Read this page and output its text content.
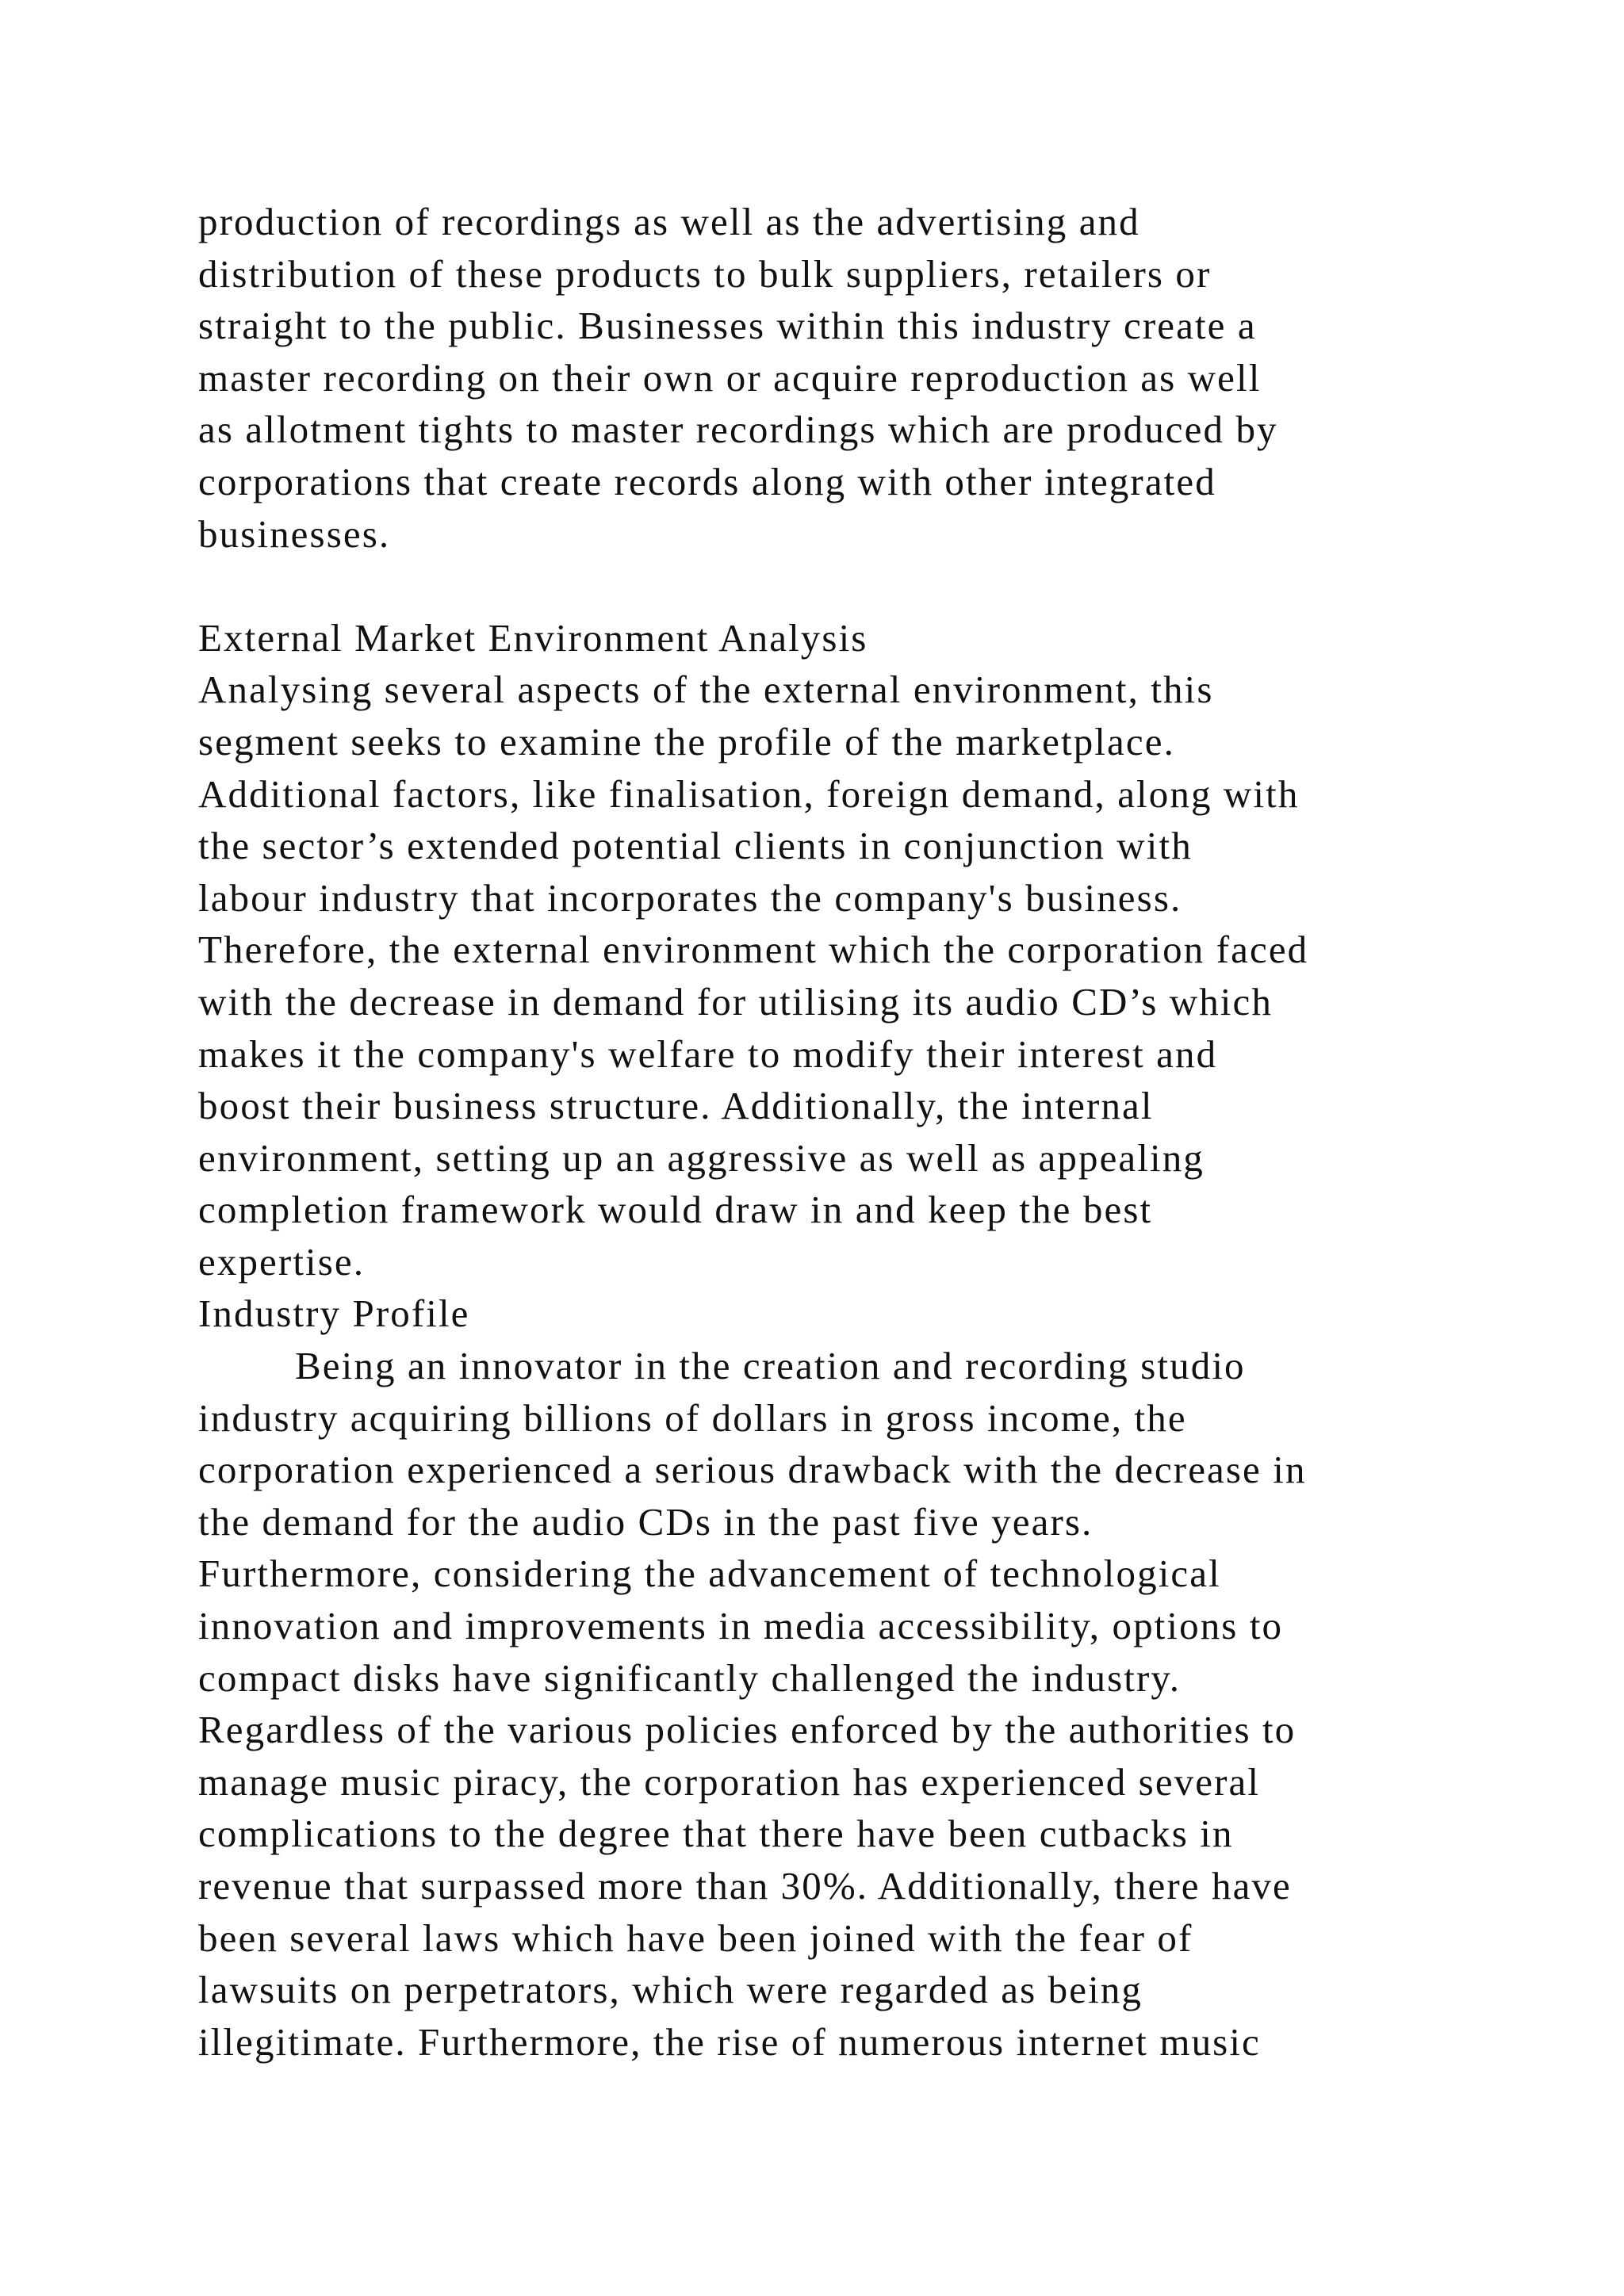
production of recordings as well as the advertising and
distribution of these products to bulk suppliers, retailers or
straight to the public. Businesses within this industry create a
master recording on their own or acquire reproduction as well
as allotment tights to master recordings which are produced by
corporations that create records along with other integrated
businesses.
External Market Environment Analysis
Analysing several aspects of the external environment, this
segment seeks to examine the profile of the marketplace.
Additional factors, like finalisation, foreign demand, along with
the sector’s extended potential clients in conjunction with
labour industry that incorporates the company's business.
Therefore, the external environment which the corporation faced
with the decrease in demand for utilising its audio CD’s which
makes it the company's welfare to modify their interest and
boost their business structure. Additionally, the internal
environment, setting up an aggressive as well as appealing
completion framework would draw in and keep the best
expertise.
Industry Profile
Being an innovator in the creation and recording studio
industry acquiring billions of dollars in gross income, the
corporation experienced a serious drawback with the decrease in
the demand for the audio CDs in the past five years.
Furthermore, considering the advancement of technological
innovation and improvements in media accessibility, options to
compact disks have significantly challenged the industry.
Regardless of the various policies enforced by the authorities to
manage music piracy, the corporation has experienced several
complications to the degree that there have been cutbacks in
revenue that surpassed more than 30%. Additionally, there have
been several laws which have been joined with the fear of
lawsuits on perpetrators, which were regarded as being
illegitimate. Furthermore, the rise of numerous internet music
